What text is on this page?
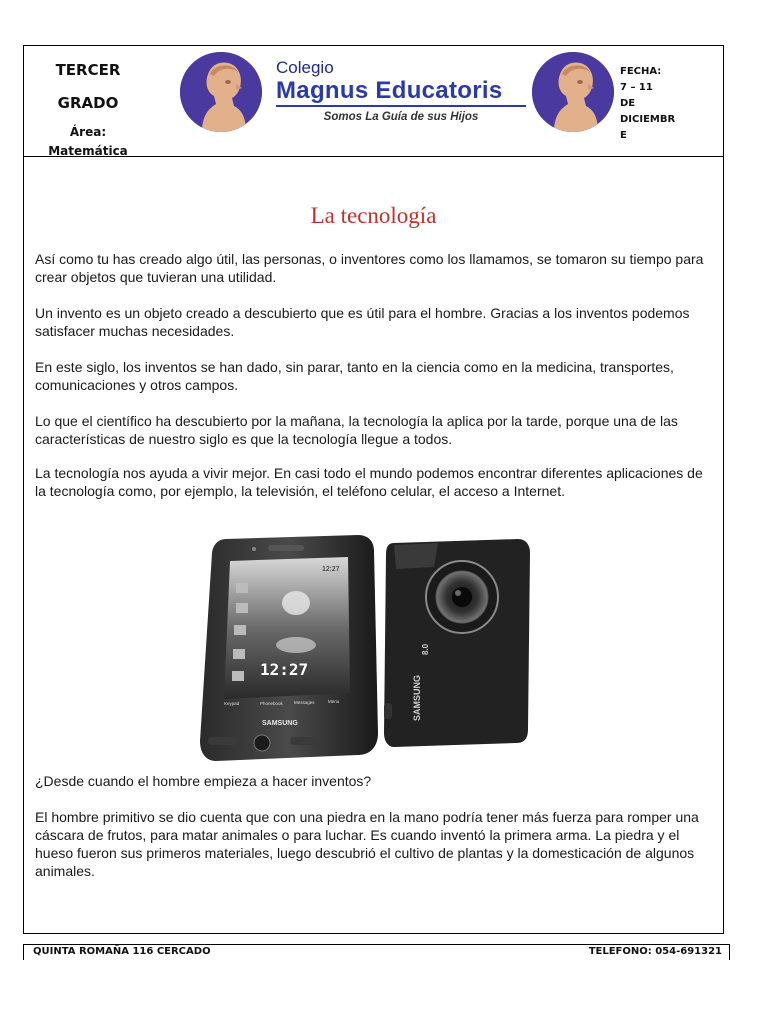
TERCER
GRADO
Área:
Matemática
Colegio
Magnus Educatoris
Somos La Guía de sus Hijos
FECHA:
7 – 11
DE
DICIEMBR
E
La tecnología
Así como tu has creado algo útil, las personas, o inventores como los llamamos, se tomaron su tiempo para crear objetos que tuvieran una utilidad.
Un invento es un objeto creado a descubierto que es útil para el hombre. Gracias a los inventos podemos satisfacer muchas necesidades.
En este siglo, los inventos se han dado, sin parar, tanto en la ciencia como en la medicina, transportes, comunicaciones y otros campos.
Lo que el científico ha descubierto por la mañana, la tecnología la aplica por la tarde, porque una de las características de nuestro siglo es que la tecnología llegue a todos.
La tecnología nos ayuda a vivir mejor. En casi todo el mundo podemos encontrar diferentes aplicaciones de la tecnología como, por ejemplo, la televisión, el teléfono celular, el acceso a Internet.
12:27
12:27
Keypad	Phonebook Messages	Menu
SAMSUNG
SAMSUNG
8.0
¿Desde cuando el hombre empieza a hacer inventos?
El hombre primitivo se dio cuenta que con una piedra en la mano podría tener más fuerza para romper una cáscara de frutos, para matar animales o para luchar. Es cuando inventó la primera arma. La piedra y el hueso fueron sus primeros materiales, luego descubrió el cultivo de plantas y la domesticación de algunos animales.
QUINTA ROMAÑA 116 CERCADO	TELEFONO: 054-691321
